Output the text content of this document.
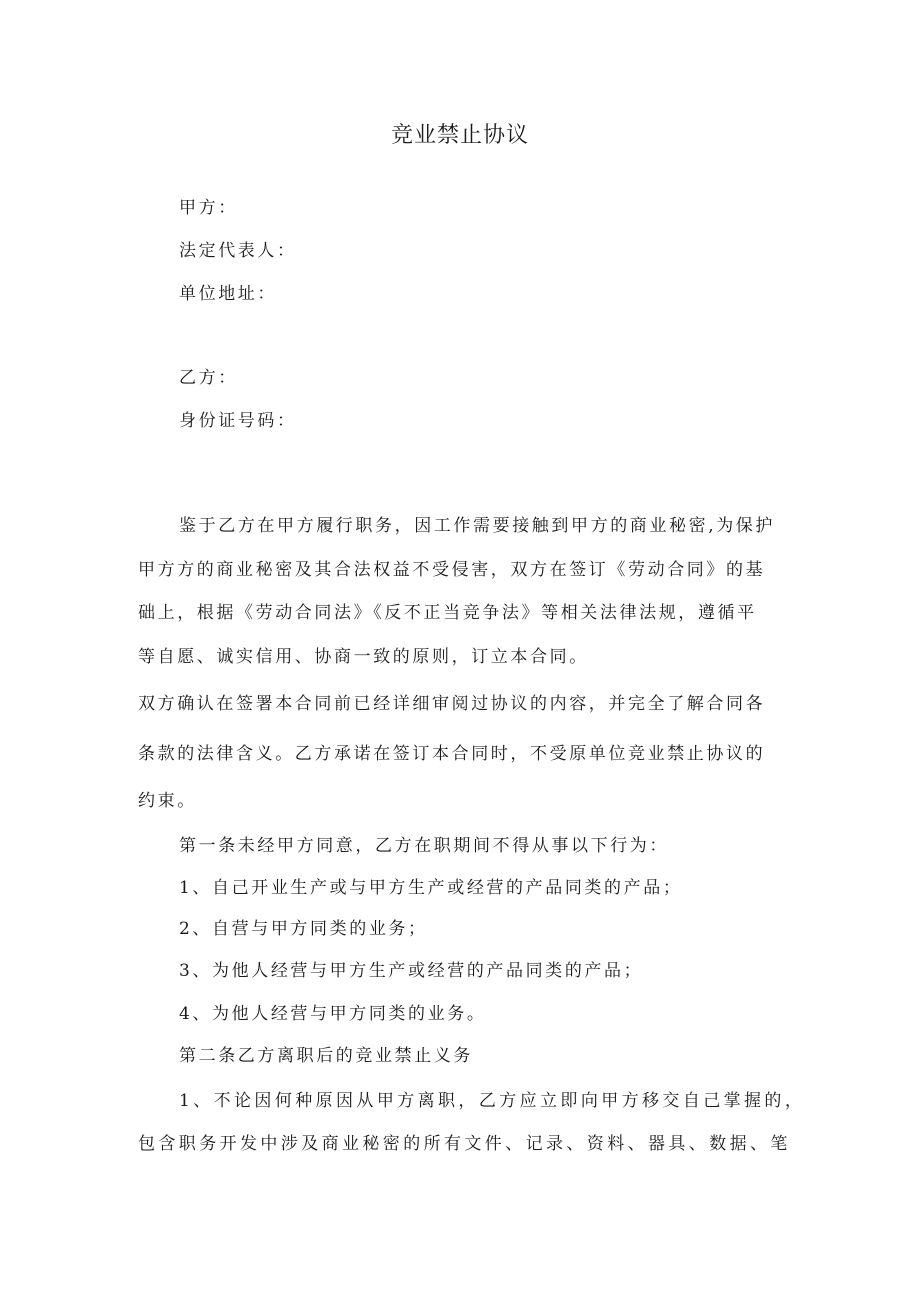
竞业禁止协议

甲方：

法定代表人：

单位地址：

乙方：

身份证号码：

鉴于乙方在甲方履行职务，因工作需要接触到甲方的商业秘密,为保护

甲方方的商业秘密及其合法权益不受侵害，双方在签订《劳动合同》的基

础上，根据《劳动合同法》《反不正当竞争法》等相关法律法规，遵循平

等自愿、诚实信用、协商一致的原则，订立本合同。

双方确认在签署本合同前已经详细审阅过协议的内容，并完全了解合同各

条款的法律含义。乙方承诺在签订本合同时，不受原单位竞业禁止协议的

约束。

第一条未经甲方同意，乙方在职期间不得从事以下行为：

1、自己开业生产或与甲方生产或经营的产品同类的产品；

2、自营与甲方同类的业务；

3、为他人经营与甲方生产或经营的产品同类的产品；

4、为他人经营与甲方同类的业务。

第二条乙方离职后的竞业禁止义务

1、不论因何种原因从甲方离职，乙方应立即向甲方移交自己掌握的，

包含职务开发中涉及商业秘密的所有文件、记录、资料、器具、数据、笔
